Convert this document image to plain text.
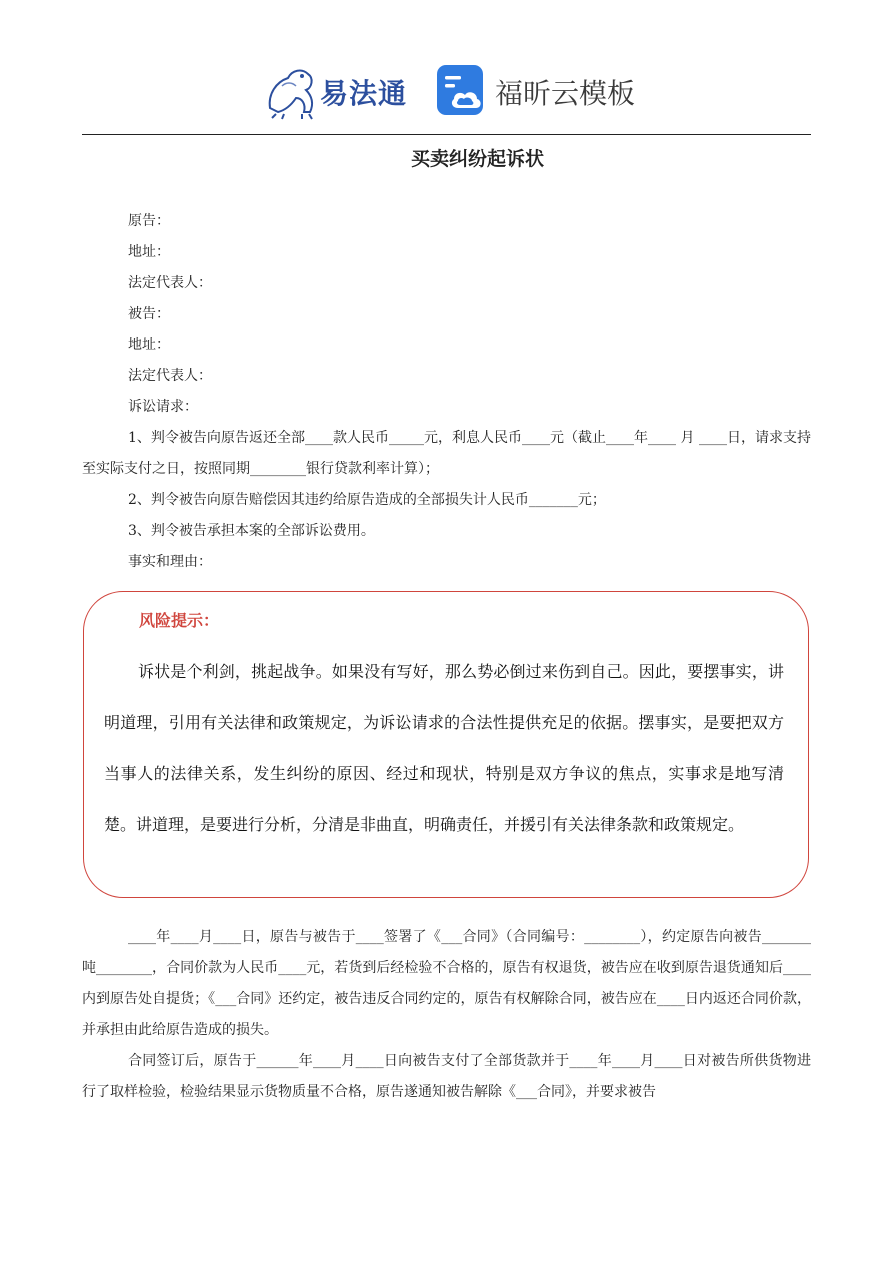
易法通	福昕云模板
买卖纠纷起诉状

原告：

地址：

法定代表人：

被告：

地址：

法定代表人：

诉讼请求：

1、判令被告向原告返还全部____款人民币_____元，利息人民币____元（截止____年____ 月 ____日，请求支持至实际支付之日，按照同期________银行贷款利率计算）；

2、判令被告向原告赔偿因其违约给原告造成的全部损失计人民币_______元；

3、判令被告承担本案的全部诉讼费用。

事实和理由：

风险提示：
诉状是个利剑，挑起战争。如果没有写好，那么势必倒过来伤到自己。因此，要摆事实，讲明道理，引用有关法律和政策规定，为诉讼请求的合法性提供充足的依据。摆事实，是要把双方当事人的法律关系，发生纠纷的原因、经过和现状，特别是双方争议的焦点，实事求是地写清楚。讲道理，是要进行分析，分清是非曲直，明确责任，并援引有关法律条款和政策规定。

____年____月____日，原告与被告于____签署了《___合同》（合同编号：________），约定原告向被告_______吨________，合同价款为人民币____元，若货到后经检验不合格的，原告有权退货，被告应在收到原告退货通知后____内到原告处自提货；《___合同》还约定，被告违反合同约定的，原告有权解除合同，被告应在____日内返还合同价款，并承担由此给原告造成的损失。

合同签订后，原告于______年____月____日向被告支付了全部货款并于____年____月____日对被告所供货物进行了取样检验，检验结果显示货物质量不合格，原告遂通知被告解除《___合同》，并要求被告
